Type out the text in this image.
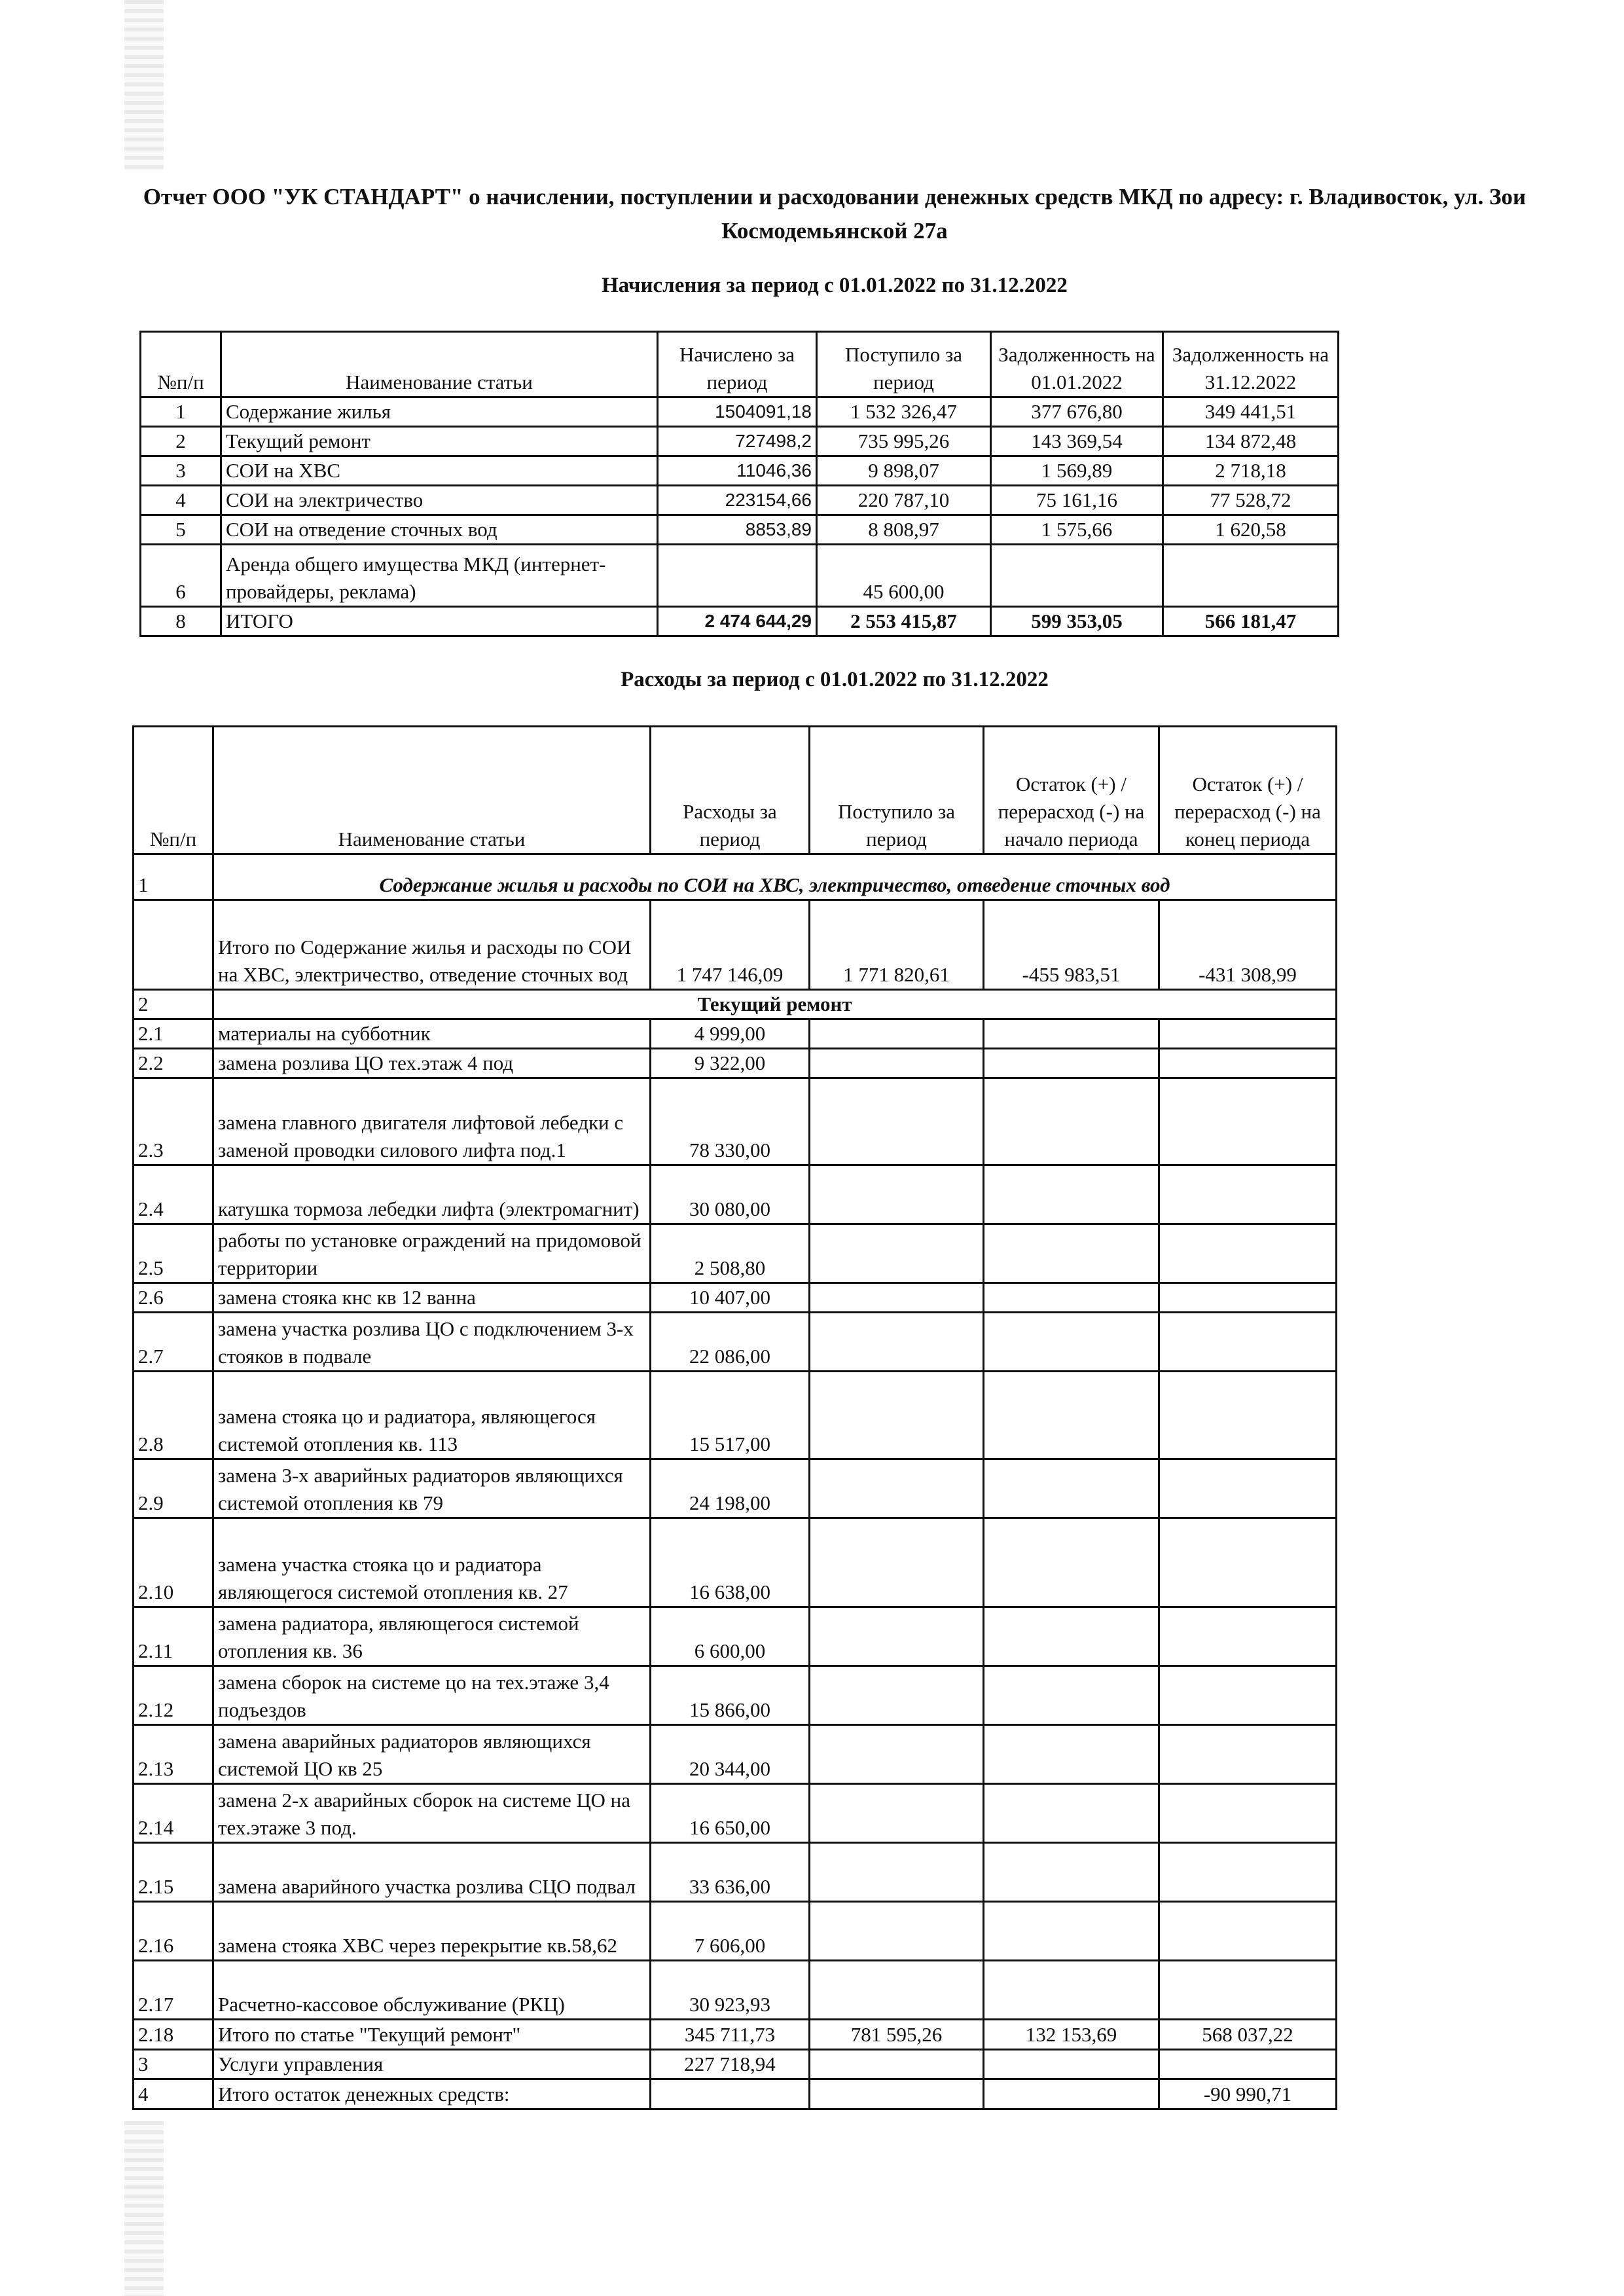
Отчет ООО "УК СТАНДАРТ" о начислении, поступлении и расходовании денежных средств МКД по адресу: г. Владивосток, ул. Зои Космодемьянской 27а
Начисления за период с 01.01.2022 по 31.12.2022
№п/п	Наименование статьи	Начислено за период	Поступило за период	Задолженность на 01.01.2022	Задолженность на 31.12.2022
1	Содержание жилья	1504091,18	1 532 326,47	377 676,80	349 441,51
2	Текущий ремонт	727498,2	735 995,26	143 369,54	134 872,48
3	СОИ на ХВС	11046,36	9 898,07	1 569,89	2 718,18
4	СОИ на электричество	223154,66	220 787,10	75 161,16	77 528,72
5	СОИ на отведение сточных вод	8853,89	8 808,97	1 575,66	1 620,58
6	Аренда общего имущества МКД (интернет-провайдеры, реклама)		45 600,00		
8	ИТОГО	2 474 644,29	2 553 415,87	599 353,05	566 181,47
Расходы за период с 01.01.2022 по 31.12.2022
№п/п	Наименование статьи	Расходы за период	Поступило за период	Остаток (+) / перерасход (-) на начало периода	Остаток (+) / перерасход (-) на конец периода
1	Содержание жилья и расходы по СОИ на ХВС, электричество, отведение сточных вод				
	Итого по Содержание жилья и расходы по СОИ на ХВС, электричество, отведение сточных вод	1 747 146,09	1 771 820,61	-455 983,51	-431 308,99
2	Текущий ремонт				
2.1	материалы на субботник	4 999,00			
2.2	замена розлива ЦО тех.этаж 4 под	9 322,00			
2.3	замена главного двигателя лифтовой лебедки с заменой проводки силового лифта под.1	78 330,00			
2.4	катушка тормоза лебедки лифта (электромагнит)	30 080,00			
2.5	работы по установке ограждений на придомовой территории	2 508,80			
2.6	замена стояка кнс кв 12 ванна	10 407,00			
2.7	замена участка розлива ЦО с подключением 3-х стояков в подвале	22 086,00			
2.8	замена стояка цо и радиатора, являющегося системой отопления кв. 113	15 517,00			
2.9	замена 3-х аварийных радиаторов являющихся системой отопления кв 79	24 198,00			
2.10	замена участка стояка цо и радиатора являющегося системой отопления кв. 27	16 638,00			
2.11	замена радиатора, являющегося системой отопления кв. 36	6 600,00			
2.12	замена сборок на системе цо на тех.этаже 3,4 подъездов	15 866,00			
2.13	замена аварийных радиаторов являющихся системой ЦО кв 25	20 344,00			
2.14	замена 2-х аварийных сборок на системе ЦО на тех.этаже 3 под.	16 650,00			
2.15	замена аварийного участка розлива СЦО подвал	33 636,00			
2.16	замена стояка ХВС через перекрытие кв.58,62	7 606,00			
2.17	Расчетно-кассовое обслуживание (РКЦ)	30 923,93			
2.18	Итого по статье "Текущий ремонт"	345 711,73	781 595,26	132 153,69	568 037,22
3	Услуги управления	227 718,94			
4	Итого остаток денежных средств:				-90 990,71
